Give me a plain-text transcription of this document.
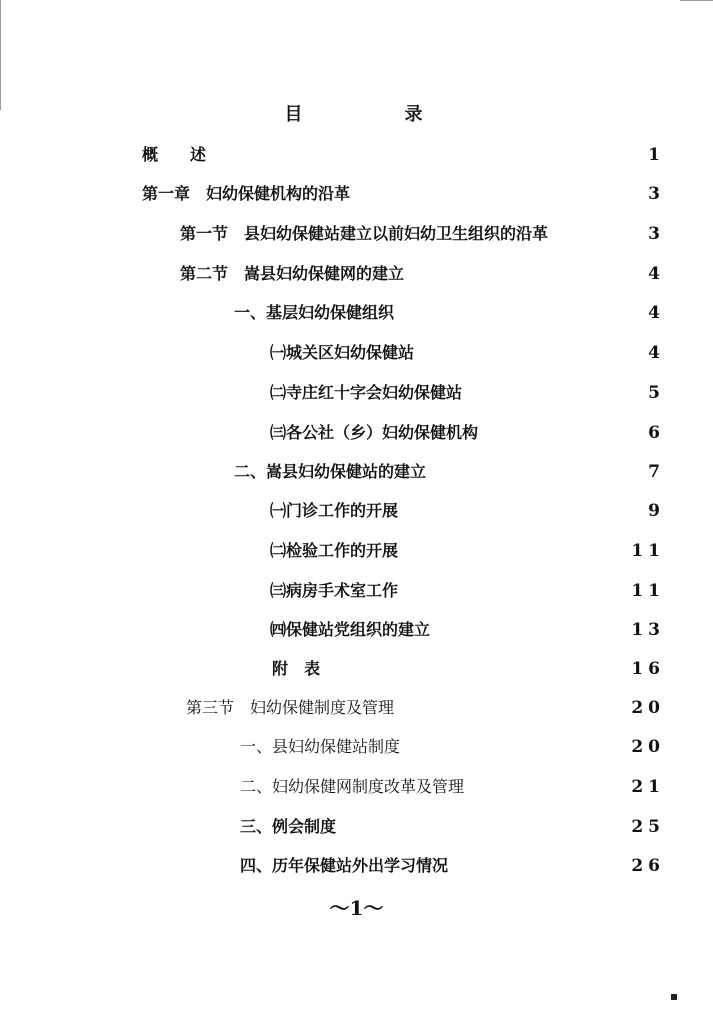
目　录
概　　述	1
第一章　妇幼保健机构的沿革	3
第一节　县妇幼保健站建立以前妇幼卫生组织的沿革	3
第二节　嵩县妇幼保健网的建立	4
一、基层妇幼保健组织	4
㈠城关区妇幼保健站	4
㈡寺庄红十字会妇幼保健站	5
㈢各公社（乡）妇幼保健机构	6
二、嵩县妇幼保健站的建立	7
㈠门诊工作的开展	9
㈡检验工作的开展	11
㈢病房手术室工作	11
㈣保健站党组织的建立	13
附　表	16
第三节　妇幼保健制度及管理	20
一、县妇幼保健站制度	20
二、妇幼保健网制度改革及管理	21
三、例会制度	25
四、历年保健站外出学习情况	26
～1～
